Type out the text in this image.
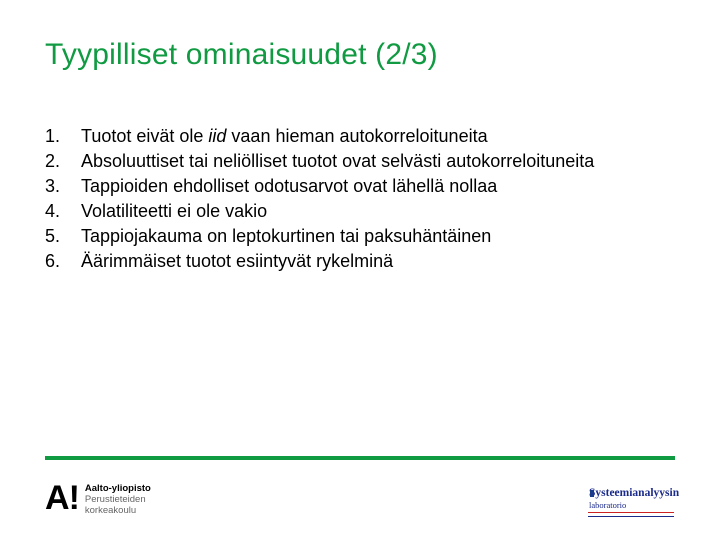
Tyypilliset ominaisuudet (2/3)
1.	Tuotot eivät ole iid vaan hieman autokorreloituneita
2.	Absoluuttiset tai neliölliset tuotot ovat selvästi autokorreloituneita
3.	Tappioiden ehdolliset odotusarvot ovat lähellä nollaa
4.	Volatiliteetti ei ole vakio
5.	Tappiojakauma on leptokurtinen tai paksuhäntäinen
6.	Äärimmäiset tuotot esiintyvät rykelminä
A! Aalto-yliopisto
Perustieteiden
korkeakoulu
Systeemianalyysin
laboratorio
